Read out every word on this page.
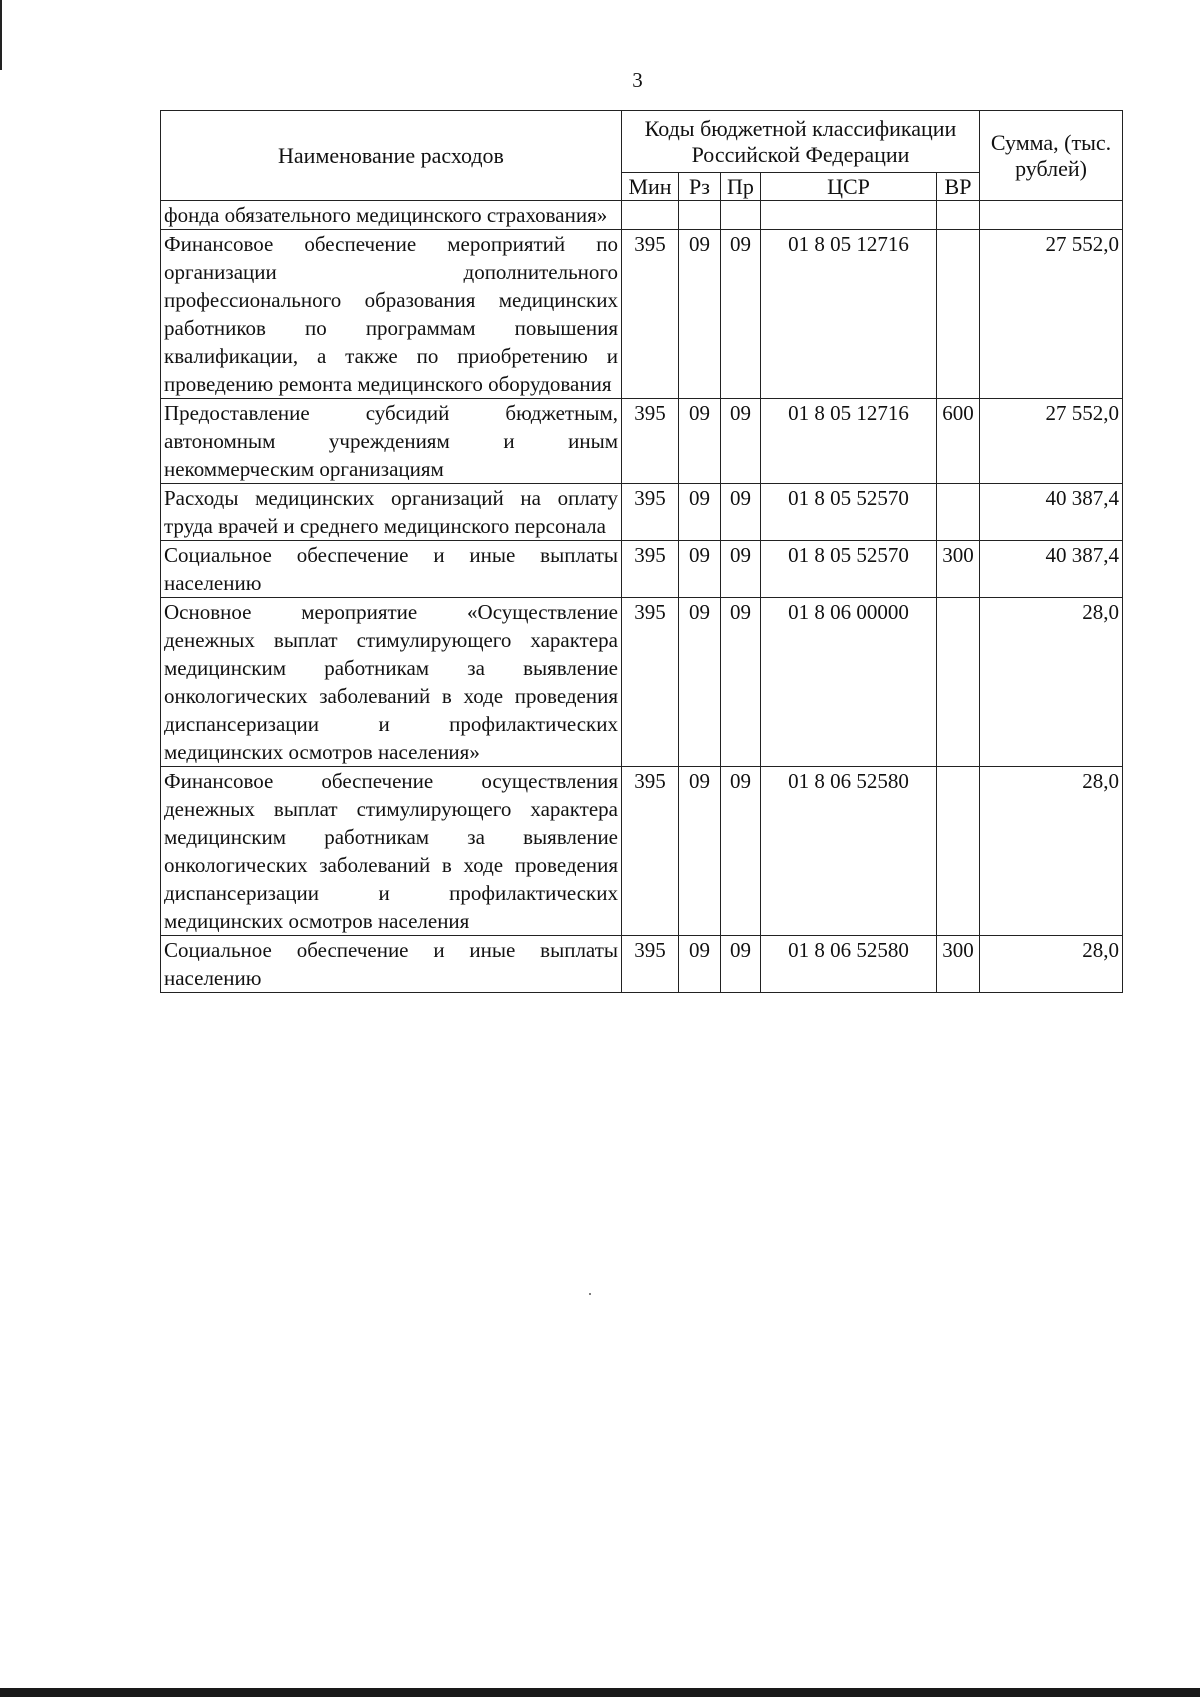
3
Наименование расходов	Коды бюджетной классификации Российской Федерации					Сумма, (тыс. рублей)
	Мин	Рз	Пр	ЦСР	ВР	
фонда обязательного медицинского страхования»						
Финансовое обеспечение мероприятий по организации дополнительного профессионального образования медицинских работников по программам повышения квалификации, а также по приобретению и проведению ремонта медицинского оборудования	395	09	09	01 8 05 12716		27 552,0
Предоставление субсидий бюджетным, автономным учреждениям и иным некоммерческим организациям	395	09	09	01 8 05 12716	600	27 552,0
Расходы медицинских организаций на оплату труда врачей и среднего медицинского персонала	395	09	09	01 8 05 52570		40 387,4
Социальное обеспечение и иные выплаты населению	395	09	09	01 8 05 52570	300	40 387,4
Основное мероприятие «Осуществление денежных выплат стимулирующего характера медицинским работникам за выявление онкологических заболеваний в ходе проведения диспансеризации и профилактических медицинских осмотров населения»	395	09	09	01 8 06 00000		28,0
Финансовое обеспечение осуществления денежных выплат стимулирующего характера медицинским работникам за выявление онкологических заболеваний в ходе проведения диспансеризации и профилактических медицинских осмотров населения	395	09	09	01 8 06 52580		28,0
Социальное обеспечение и иные выплаты населению	395	09	09	01 8 06 52580	300	28,0
